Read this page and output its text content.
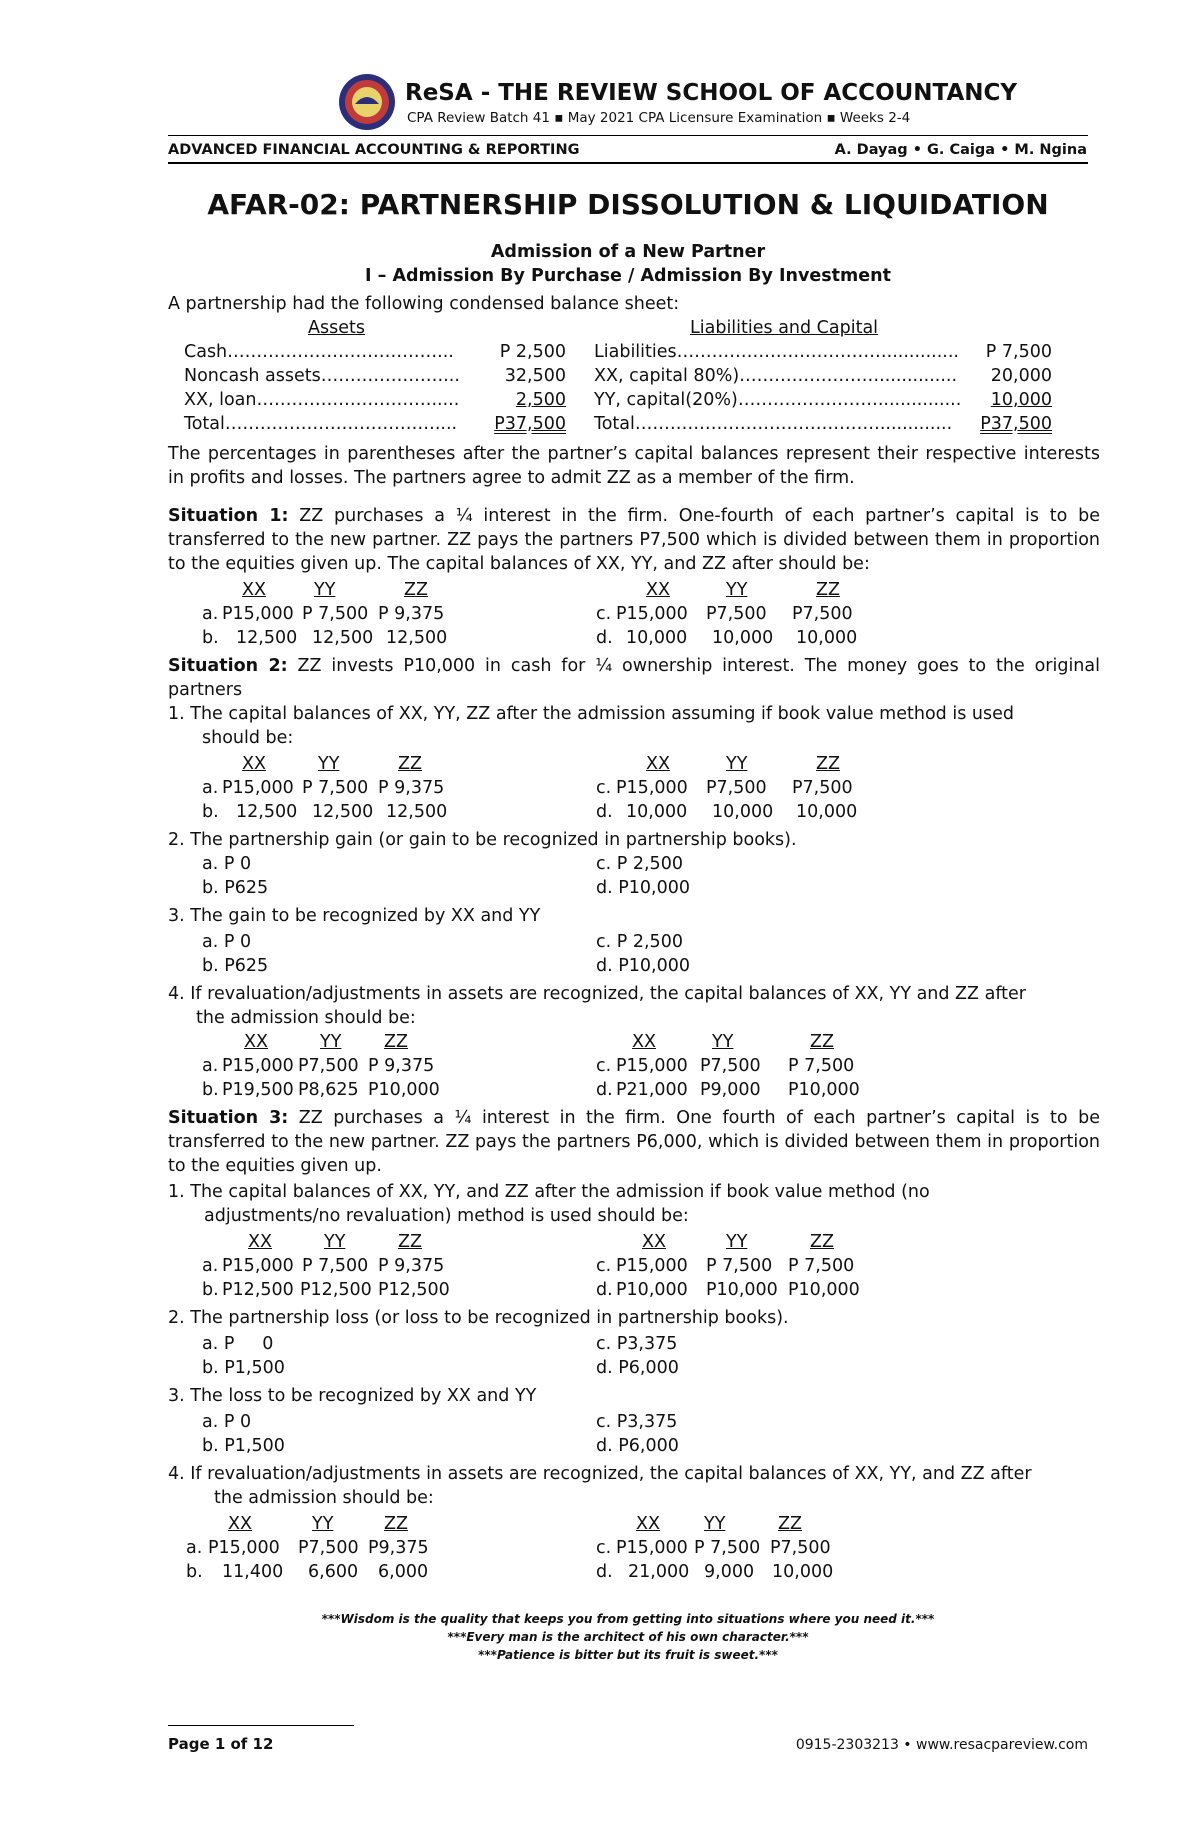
ReSA - THE REVIEW SCHOOL OF ACCOUNTANCY
CPA Review Batch 41 ▪ May 2021 CPA Licensure Examination ▪ Weeks 2-4
ADVANCED FINANCIAL ACCOUNTING & REPORTING	A. Dayag • G. Caiga • M. Ngina
AFAR-02: PARTNERSHIP DISSOLUTION & LIQUIDATION
Admission of a New Partner
I – Admission By Purchase / Admission By Investment
A partnership had the following condensed balance sheet:
Assets	Liabilities and Capital
Cash………………………………...	P 2,500
Noncash assets…………………...	32,500
XX, loan………………………….....	2,500
Total……………………………….... P37,500
Liabilities……………………………….............	P 7,500
XX, capital 80%)……………………..............	20,000
YY, capital(20%)……………………...............	10,000
Total……………………………………............. P37,500
The percentages in parentheses after the partner’s capital balances represent their respective interests in profits and losses. The partners agree to admit ZZ as a member of the firm.
Situation 1: ZZ purchases a ¼ interest in the firm. One-fourth of each partner’s capital is to be transferred to the new partner. ZZ pays the partners P7,500 which is divided between them in proportion to the equities given up. The capital balances of XX, YY, and ZZ after should be:
XX	YY	ZZ	XX	YY	ZZ
a. P15,000 P 7,500 P 9,375
b. 12,500 12,500 12,500
c. P15,000 P7,500 P7,500
d. 10,000 10,000 10,000
Situation 2: ZZ invests P10,000 in cash for ¼ ownership interest. The money goes to the original partners
1. The capital balances of XX, YY, ZZ after the admission assuming if book value method is used
should be:
XX	YY	ZZ	XX	YY	ZZ
a. P15,000 P 7,500 P 9,375
b. 12,500 12,500 12,500
c. P15,000 P7,500 P7,500
d. 10,000 10,000 10,000
2. The partnership gain (or gain to be recognized in partnership books).
a. P 0
b. P625
c. P 2,500
d. P10,000
3. The gain to be recognized by XX and YY
a. P 0
b. P625
c. P 2,500
d. P10,000
4. If revaluation/adjustments in assets are recognized, the capital balances of XX, YY and ZZ after
the admission should be:
XX	YY ZZ	XX	YY	ZZ
a. P15,000 P7,500 P 9,375
b. P19,500 P8,625 P10,000
c. P15,000 P7,500 P 7,500
d. P21,000 P9,000 P10,000
Situation 3: ZZ purchases a ¼ interest in the firm. One fourth of each partner’s capital is to be transferred to the new partner. ZZ pays the partners P6,000, which is divided between them in proportion to the equities given up.
1. The capital balances of XX, YY, and ZZ after the admission if book value method (no
adjustments/no revaluation) method is used should be:
XX	YY	ZZ	XX	YY	ZZ
a. P15,000 P 7,500 P 9,375
b. P12,500 P12,500 P12,500
c. P15,000 P 7,500 P 7,500
d. P10,000 P10,000 P10,000
2. The partnership loss (or loss to be recognized in partnership books).
a. P     0
b. P1,500
c. P3,375
d. P6,000
3. The loss to be recognized by XX and YY
a. P 0
b. P1,500
c. P3,375
d. P6,000
4. If revaluation/adjustments in assets are recognized, the capital balances of XX, YY, and ZZ after
the admission should be:
XX	YY	ZZ	XX	YY	ZZ
a. P15,000 P7,500 P9,375
b. 11,400 6,600 6,000
c. P15,000 P 7,500 P7,500
d. 21,000 9,000 10,000
***Wisdom is the quality that keeps you from getting into situations where you need it.***
***Every man is the architect of his own character.***
***Patience is bitter but its fruit is sweet.***
Page 1 of 12	0915-2303213 • www.resacpareview.com
